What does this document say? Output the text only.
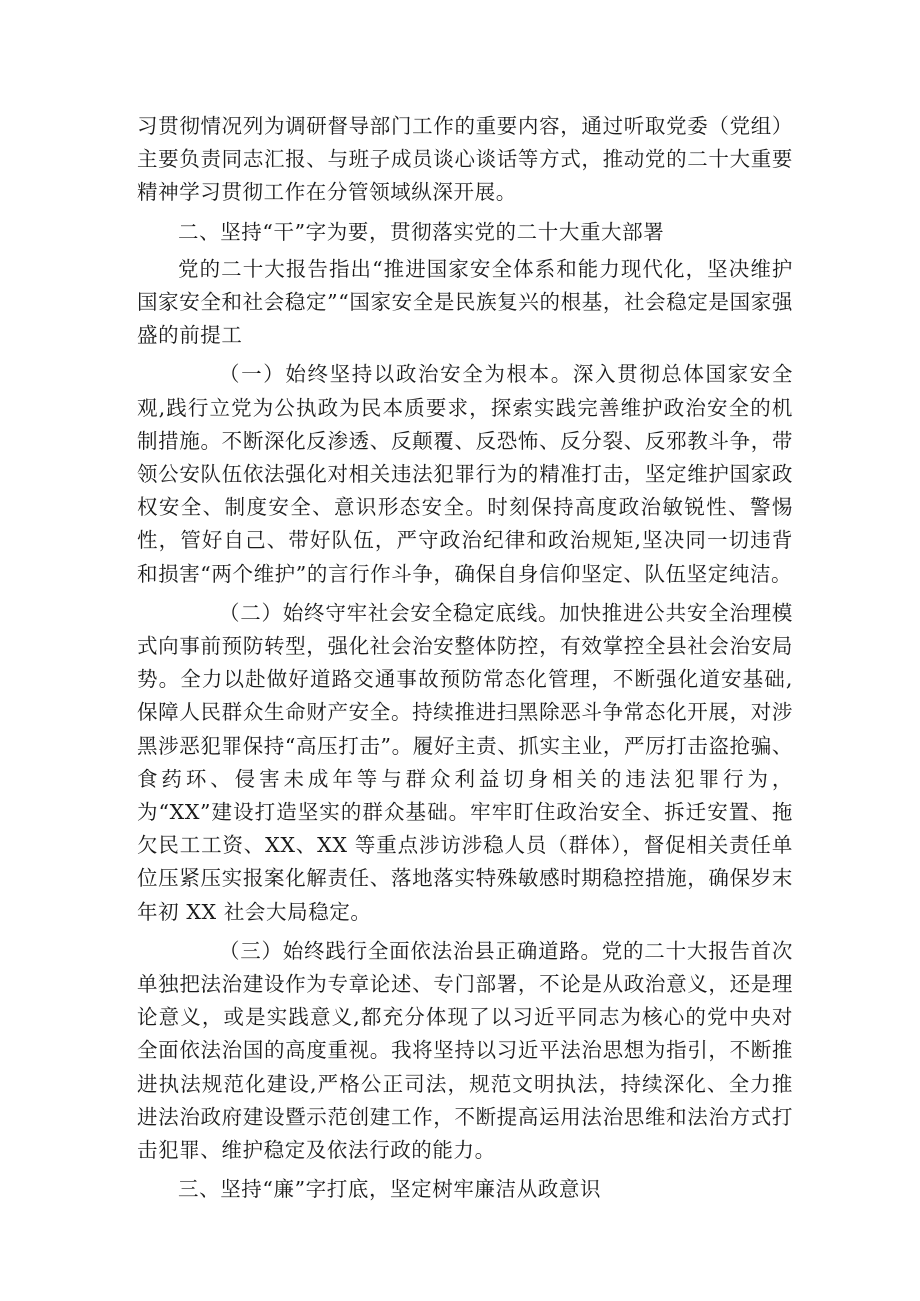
习贯彻情况列为调研督导部门工作的重要内容，通过听取党委（党组）主要负责同志汇报、与班子成员谈心谈话等方式，推动党的二十大重要精神学习贯彻工作在分管领域纵深开展。

二、坚持“干”字为要，贯彻落实党的二十大重大部署

党的二十大报告指出“推进国家安全体系和能力现代化，坚决维护国家安全和社会稳定”“国家安全是民族复兴的根基，社会稳定是国家强盛的前提工

（一）始终坚持以政治安全为根本。深入贯彻总体国家安全观,践行立党为公执政为民本质要求，探索实践完善维护政治安全的机制措施。不断深化反渗透、反颠覆、反恐怖、反分裂、反邪教斗争，带领公安队伍依法强化对相关违法犯罪行为的精准打击，坚定维护国家政权安全、制度安全、意识形态安全。时刻保持高度政治敏锐性、警惕性，管好自己、带好队伍，严守政治纪律和政治规矩,坚决同一切违背和损害“两个维护”的言行作斗争，确保自身信仰坚定、队伍坚定纯洁。

（二）始终守牢社会安全稳定底线。加快推进公共安全治理模式向事前预防转型，强化社会治安整体防控，有效掌控全县社会治安局势。全力以赴做好道路交通事故预防常态化管理，不断强化道安基础,保障人民群众生命财产安全。持续推进扫黑除恶斗争常态化开展，对涉黑涉恶犯罪保持“高压打击”。履好主责、抓实主业，严厉打击盗抢骗、食药环、侵害未成年等与群众利益切身相关的违法犯罪行为，为“XX”建设打造坚实的群众基础。牢牢盯住政治安全、拆迁安置、拖欠民工工资、XX、XX 等重点涉访涉稳人员（群体），督促相关责任单位压紧压实报案化解责任、落地落实特殊敏感时期稳控措施，确保岁末年初 XX 社会大局稳定。

（三）始终践行全面依法治县正确道路。党的二十大报告首次单独把法治建设作为专章论述、专门部署，不论是从政治意义，还是理论意义，或是实践意义,都充分体现了以习近平同志为核心的党中央对全面依法治国的高度重视。我将坚持以习近平法治思想为指引，不断推进执法规范化建设,严格公正司法，规范文明执法，持续深化、全力推进法治政府建设暨示范创建工作，不断提高运用法治思维和法治方式打击犯罪、维护稳定及依法行政的能力。

三、坚持“廉”字打底，坚定树牢廉洁从政意识
